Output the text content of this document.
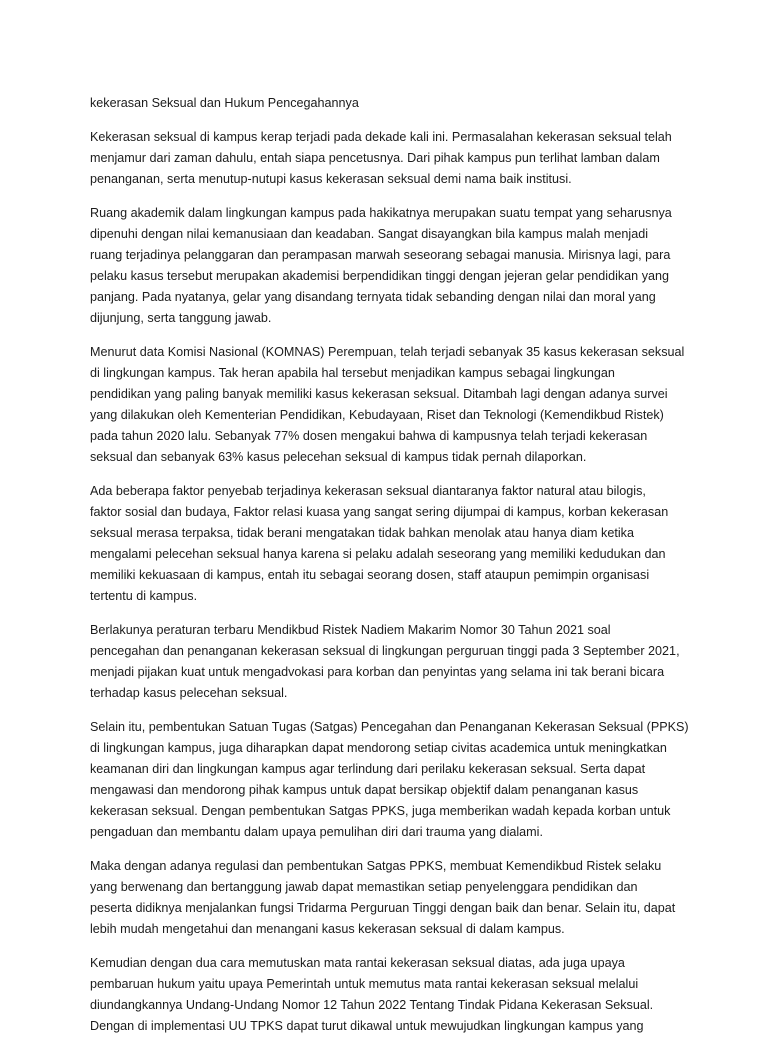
kekerasan Seksual dan Hukum Pencegahannya

Kekerasan seksual di kampus kerap terjadi pada dekade kali ini. Permasalahan kekerasan seksual telah
menjamur dari zaman dahulu, entah siapa pencetusnya. Dari pihak kampus pun terlihat lamban dalam
penanganan, serta menutup-nutupi kasus kekerasan seksual demi nama baik institusi.

Ruang akademik dalam lingkungan kampus pada hakikatnya merupakan suatu tempat yang seharusnya
dipenuhi dengan nilai kemanusiaan dan keadaban. Sangat disayangkan bila kampus malah menjadi
ruang terjadinya pelanggaran dan perampasan marwah seseorang sebagai manusia. Mirisnya lagi, para
pelaku kasus tersebut merupakan akademisi berpendidikan tinggi dengan jejeran gelar pendidikan yang
panjang. Pada nyatanya, gelar yang disandang ternyata tidak sebanding dengan nilai dan moral yang
dijunjung, serta tanggung jawab.

Menurut data Komisi Nasional (KOMNAS) Perempuan, telah terjadi sebanyak 35 kasus kekerasan seksual
di lingkungan kampus. Tak heran apabila hal tersebut menjadikan kampus sebagai lingkungan
pendidikan yang paling banyak memiliki kasus kekerasan seksual. Ditambah lagi dengan adanya survei
yang dilakukan oleh Kementerian Pendidikan, Kebudayaan, Riset dan Teknologi (Kemendikbud Ristek)
pada tahun 2020 lalu. Sebanyak 77% dosen mengakui bahwa di kampusnya telah terjadi kekerasan
seksual dan sebanyak 63% kasus pelecehan seksual di kampus tidak pernah dilaporkan.

Ada beberapa faktor penyebab terjadinya kekerasan seksual diantaranya faktor natural atau bilogis,
faktor sosial dan budaya, Faktor relasi kuasa yang sangat sering dijumpai di kampus, korban kekerasan
seksual merasa terpaksa, tidak berani mengatakan tidak bahkan menolak atau hanya diam ketika
mengalami pelecehan seksual hanya karena si pelaku adalah seseorang yang memiliki kedudukan dan
memiliki kekuasaan di kampus, entah itu sebagai seorang dosen, staff ataupun pemimpin organisasi
tertentu di kampus.

Berlakunya peraturan terbaru Mendikbud Ristek Nadiem Makarim Nomor 30 Tahun 2021 soal
pencegahan dan penanganan kekerasan seksual di lingkungan perguruan tinggi pada 3 September 2021,
menjadi pijakan kuat untuk mengadvokasi para korban dan penyintas yang selama ini tak berani bicara
terhadap kasus pelecehan seksual.

Selain itu, pembentukan Satuan Tugas (Satgas) Pencegahan dan Penanganan Kekerasan Seksual (PPKS)
di lingkungan kampus, juga diharapkan dapat mendorong setiap civitas academica untuk meningkatkan
keamanan diri dan lingkungan kampus agar terlindung dari perilaku kekerasan seksual. Serta dapat
mengawasi dan mendorong pihak kampus untuk dapat bersikap objektif dalam penanganan kasus
kekerasan seksual. Dengan pembentukan Satgas PPKS, juga memberikan wadah kepada korban untuk
pengaduan dan membantu dalam upaya pemulihan diri dari trauma yang dialami.

Maka dengan adanya regulasi dan pembentukan Satgas PPKS, membuat Kemendikbud Ristek selaku
yang berwenang dan bertanggung jawab dapat memastikan setiap penyelenggara pendidikan dan
peserta didiknya menjalankan fungsi Tridarma Perguruan Tinggi dengan baik dan benar. Selain itu, dapat
lebih mudah mengetahui dan menangani kasus kekerasan seksual di dalam kampus.

Kemudian dengan dua cara memutuskan mata rantai kekerasan seksual diatas, ada juga upaya
pembaruan hukum yaitu upaya Pemerintah untuk memutus mata rantai kekerasan seksual melalui
diundangkannya Undang-Undang Nomor 12 Tahun 2022 Tentang Tindak Pidana Kekerasan Seksual.
Dengan di implementasi UU TPKS dapat turut dikawal untuk mewujudkan lingkungan kampus yang
